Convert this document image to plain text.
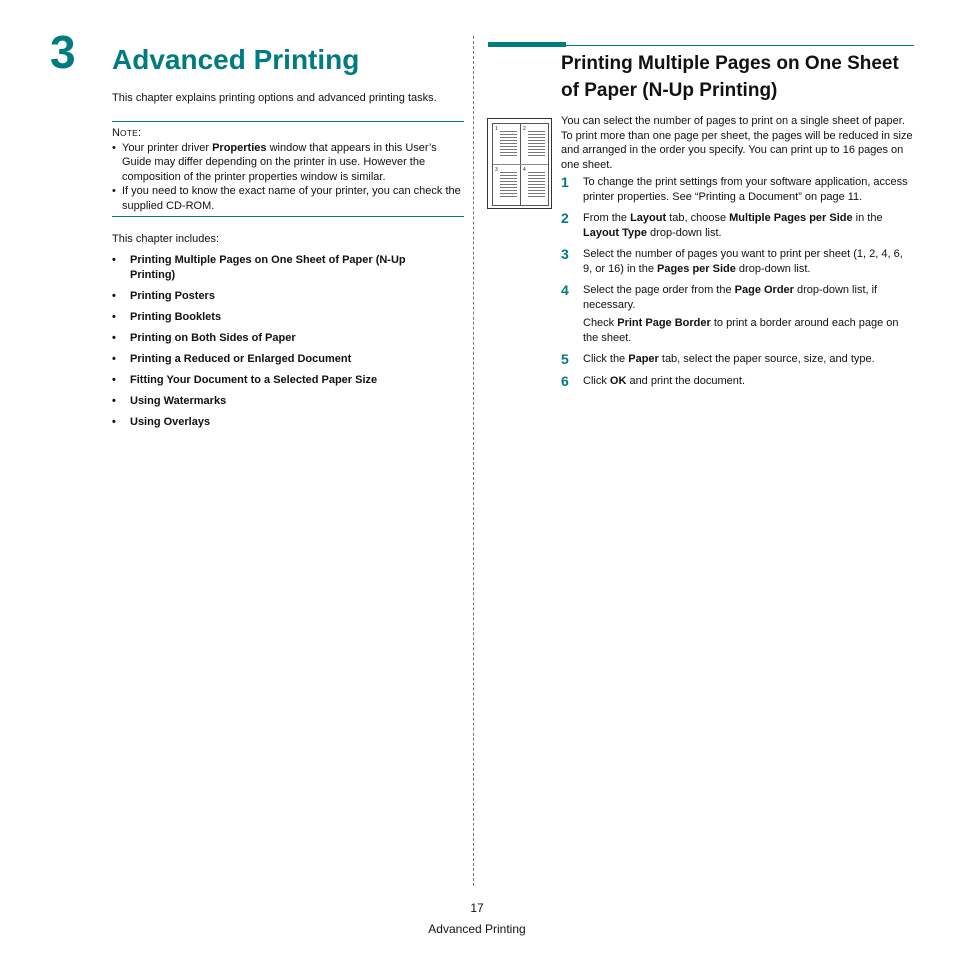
3 Advanced Printing
This chapter explains printing options and advanced printing tasks.
NOTE:
• Your printer driver Properties window that appears in this User’s Guide may differ depending on the printer in use. However the composition of the printer properties window is similar.
• If you need to know the exact name of your printer, you can check the supplied CD-ROM.
This chapter includes:
• Printing Multiple Pages on One Sheet of Paper (N-Up Printing)
• Printing Posters
• Printing Booklets
• Printing on Both Sides of Paper
• Printing a Reduced or Enlarged Document
• Fitting Your Document to a Selected Paper Size
• Using Watermarks
• Using Overlays
Printing Multiple Pages on One Sheet of Paper (N-Up Printing)
1	2
3	4
You can select the number of pages to print on a single sheet of paper. To print more than one page per sheet, the pages will be reduced in size and arranged in the order you specify. You can print up to 16 pages on one sheet.
1 To change the print settings from your software application, access printer properties. See “Printing a Document” on page 11.
2 From the Layout tab, choose Multiple Pages per Side in the Layout Type drop-down list.
3 Select the number of pages you want to print per sheet (1, 2, 4, 6, 9, or 16) in the Pages per Side drop-down list.
4 Select the page order from the Page Order drop-down list, if necessary.
Check Print Page Border to print a border around each page on the sheet.
5 Click the Paper tab, select the paper source, size, and type.
6 Click OK and print the document.
17
Advanced Printing
